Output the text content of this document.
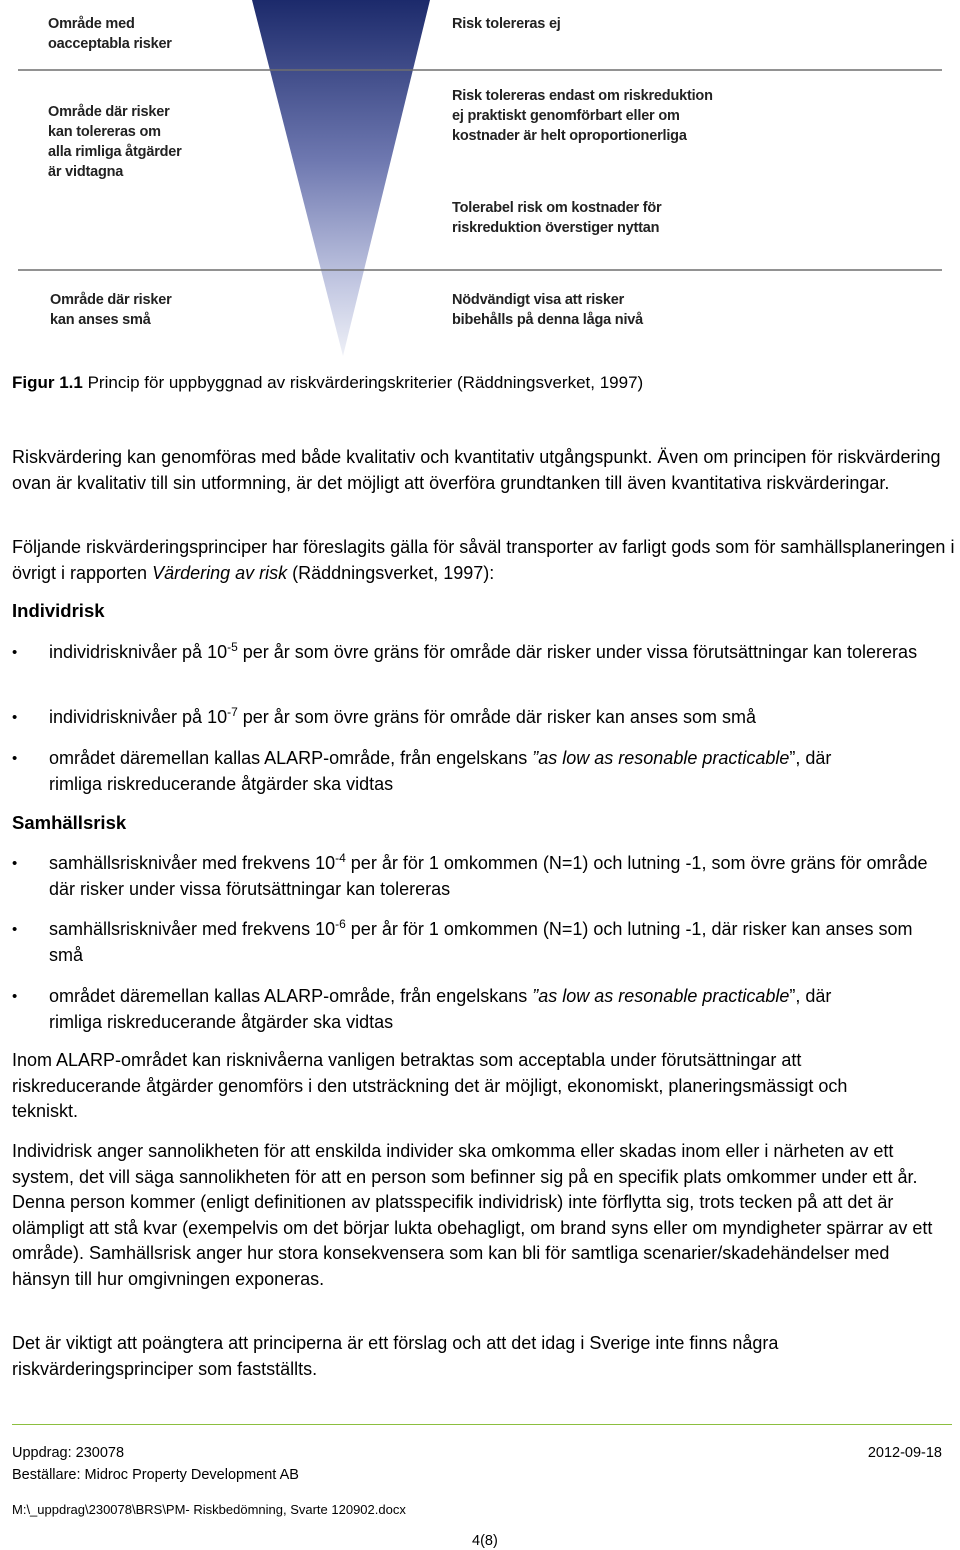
Område med
oacceptabla risker
Område där risker
kan tolereras om
alla rimliga åtgärder
är vidtagna
Område där risker
kan anses små
Risk tolereras ej
Risk tolereras endast om riskreduktion
ej praktiskt genomförbart eller om
kostnader är helt oproportionerliga
Tolerabel risk om kostnader för
riskreduktion överstiger nyttan
Nödvändigt visa att risker
bibehålls på denna låga nivå
Figur 1.1 Princip för uppbyggnad av riskvärderingskriterier (Räddningsverket, 1997)
Riskvärdering kan genomföras med både kvalitativ och kvantitativ utgångspunkt. Även om principen för riskvärdering ovan är kvalitativ till sin utformning, är det möjligt att överföra grundtanken till även kvantitativa riskvärderingar.
Följande riskvärderingsprinciper har föreslagits gälla för såväl transporter av farligt gods som för samhällsplaneringen i övrigt i rapporten Värdering av risk (Räddningsverket, 1997):
Individrisk
•	individrisknivåer på $10^{-5}$ per år som övre gräns för område där risker under vissa förutsättningar kan tolereras
•	individrisknivåer på $10^{-7}$ per år som övre gräns för område där risker kan anses som små
•	området däremellan kallas ALARP-område, från engelskans ”as low as resonable practicable”, där rimliga riskreducerande åtgärder ska vidtas
Samhällsrisk
•	samhällsrisknivåer med frekvens $10^{-4}$ per år för 1 omkommen (N=1) och lutning -1, som övre gräns för område där risker under vissa förutsättningar kan tolereras
•	samhällsrisknivåer med frekvens $10^{-6}$ per år för 1 omkommen (N=1) och lutning -1, där risker kan anses som små
•	området däremellan kallas ALARP-område, från engelskans ”as low as resonable practicable”, där rimliga riskreducerande åtgärder ska vidtas
Inom ALARP-området kan risknivåerna vanligen betraktas som acceptabla under förutsättningar att riskreducerande åtgärder genomförs i den utsträckning det är möjligt, ekonomiskt, planeringsmässigt och tekniskt.
Individrisk anger sannolikheten för att enskilda individer ska omkomma eller skadas inom eller i närheten av ett system, det vill säga sannolikheten för att en person som befinner sig på en specifik plats omkommer under ett år. Denna person kommer (enligt definitionen av platsspecifik individrisk) inte förflytta sig, trots tecken på att det är olämpligt att stå kvar (exempelvis om det börjar lukta obehagligt, om brand syns eller om myndigheter spärrar av ett område). Samhällsrisk anger hur stora konsekvensera som kan bli för samtliga scenarier/skadehändelser med hänsyn till hur omgivningen exponeras.
Det är viktigt att poängtera att principerna är ett förslag och att det idag i Sverige inte finns några riskvärderingsprinciper som fastställts.
Uppdrag: 230078	2012-09-18
Beställare: Midroc Property Development AB
M:\_uppdrag\230078\BRS\PM- Riskbedömning, Svarte 120902.docx
4(8)
